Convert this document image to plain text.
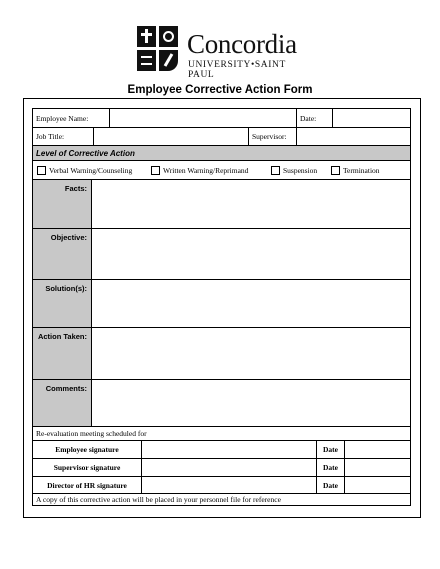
Concordia
UNIVERSITY•SAINT PAUL
Employee Corrective Action Form
Employee Name:	Date:
Job Title:	Supervisor:
Level of Corrective Action
Verbal Warning/Counseling	Written Warning/Reprimand	Suspension	Termination
Facts:
Objective:
Solution(s):
Action Taken:
Comments:
Re-evaluation meeting scheduled for
Employee signature	Date
Supervisor signature	Date
Director of HR signature	Date
A copy of this corrective action will be placed in your personnel file for reference
